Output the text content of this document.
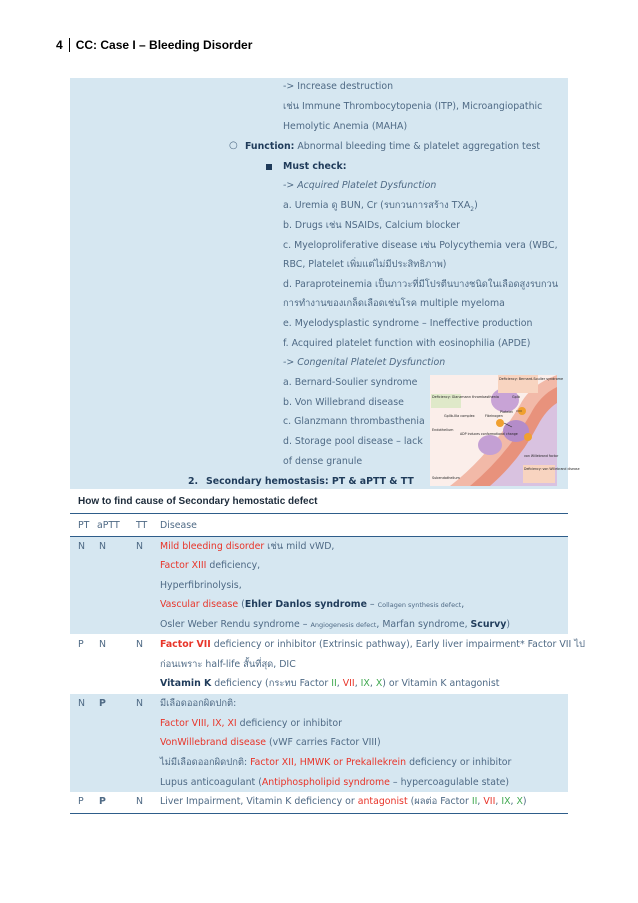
4 CC: Case I – Bleeding Disorder
-> Increase destruction
เช่น Immune Thrombocytopenia (ITP), Microangiopathic
Hemolytic Anemia (MAHA)
○ Function: Abnormal bleeding time & platelet aggregation test
Must check:
-> Acquired Platelet Dysfunction
a. Uremia ดู BUN, Cr (รบกวนการสร้าง $TXA_2$)
b. Drugs เช่น NSAIDs, Calcium blocker
c. Myeloproliferative disease เช่น Polycythemia vera (WBC,
RBC, Platelet เพิ่มแต่ไม่มีประสิทธิภาพ)
d. Paraproteinemia เป็นภาวะที่มีโปรตีนบางชนิดในเลือดสูงรบกวน
การทำงานของเกล็ดเลือดเช่นโรค multiple myeloma
e. Myelodysplastic syndrome – Ineffective production
f. Acquired platelet function with eosinophilia (APDE)
-> Congenital Platelet Dysfunction
a. Bernard-Soulier syndrome
b. Von Willebrand disease
c. Glanzmann thrombasthenia
d. Storage pool disease – lack
of dense granule
2. Secondary hemostasis: PT & aPTT & TT
Deficiency: Glanzmann thrombasthenia
Deficiency: Bernard-Soulier syndrome
GpIb
Platelet
GpIIb-IIIa complex	Fibrinogen
ADP induces conformational change
Endothelium
von Willebrand factor
Deficiency: von Willebrand disease
Subendothelium
How to find cause of Secondary hemostatic defect
PT aPTT TT Disease
N N	N Mild bleeding disorder เช่น mild vWD,
Factor XIII deficiency,
Hyperfibrinolysis,
Vascular disease (Ehler Danlos syndrome – Collagen synthesis defect,
Osler Weber Rendu syndrome – Angiogenesis defect, Marfan syndrome, Scurvy)
P N	N Factor VII deficiency or inhibitor (Extrinsic pathway), Early liver impairment* Factor VII ไป
ก่อนเพราะ half-life สั้นที่สุด, DIC
Vitamin K deficiency (กระทบ Factor II, VII, IX, X) or Vitamin K antagonist
N P	N มีเลือดออกผิดปกติ:
Factor VIII, IX, XI deficiency or inhibitor
VonWillebrand disease (vWF carries Factor VIII)
ไม่มีเลือดออกผิดปกติ: Factor XII, HMWK or Prekallekrein deficiency or inhibitor
Lupus anticoagulant (Antiphospholipid syndrome – hypercoagulable state)
P P	N Liver Impairment, Vitamin K deficiency or antagonist (ผลต่อ Factor II, VII, IX, X)
